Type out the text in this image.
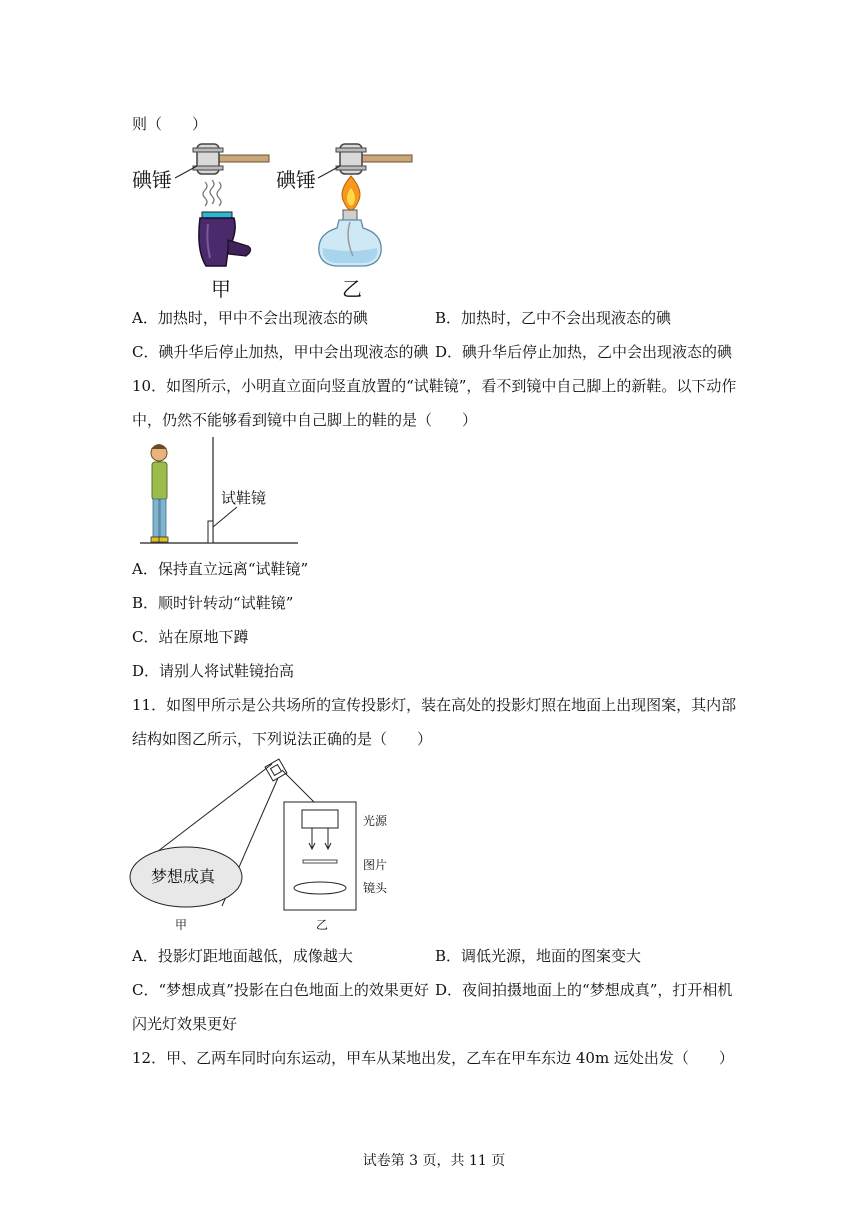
则（　　）
碘锤
甲
碘锤
乙
A．加热时，甲中不会出现液态的碘	B．加热时，乙中不会出现液态的碘
C．碘升华后停止加热，甲中会出现液态的碘 D．碘升华后停止加热，乙中会出现液态的碘
10．如图所示，小明直立面向竖直放置的“试鞋镜”，看不到镜中自己脚上的新鞋。以下动作
中，仍然不能够看到镜中自己脚上的鞋的是（　　）
试鞋镜
A．保持直立远离“试鞋镜”
B．顺时针转动“试鞋镜”
C．站在原地下蹲
D．请别人将试鞋镜抬高
11．如图甲所示是公共场所的宣传投影灯，装在高处的投影灯照在地面上出现图案，其内部
结构如图乙所示，下列说法正确的是（　　）
梦想成真
甲
光源
图片
镜头
乙
A．投影灯距地面越低，成像越大	B．调低光源，地面的图案变大
C．“梦想成真”投影在白色地面上的效果更好 D．夜间拍摄地面上的“梦想成真”，打开相机
闪光灯效果更好
12．甲、乙两车同时向东运动，甲车从某地出发，乙车在甲车东边 40m 远处出发（　　）
试卷第 3 页，共 11 页
